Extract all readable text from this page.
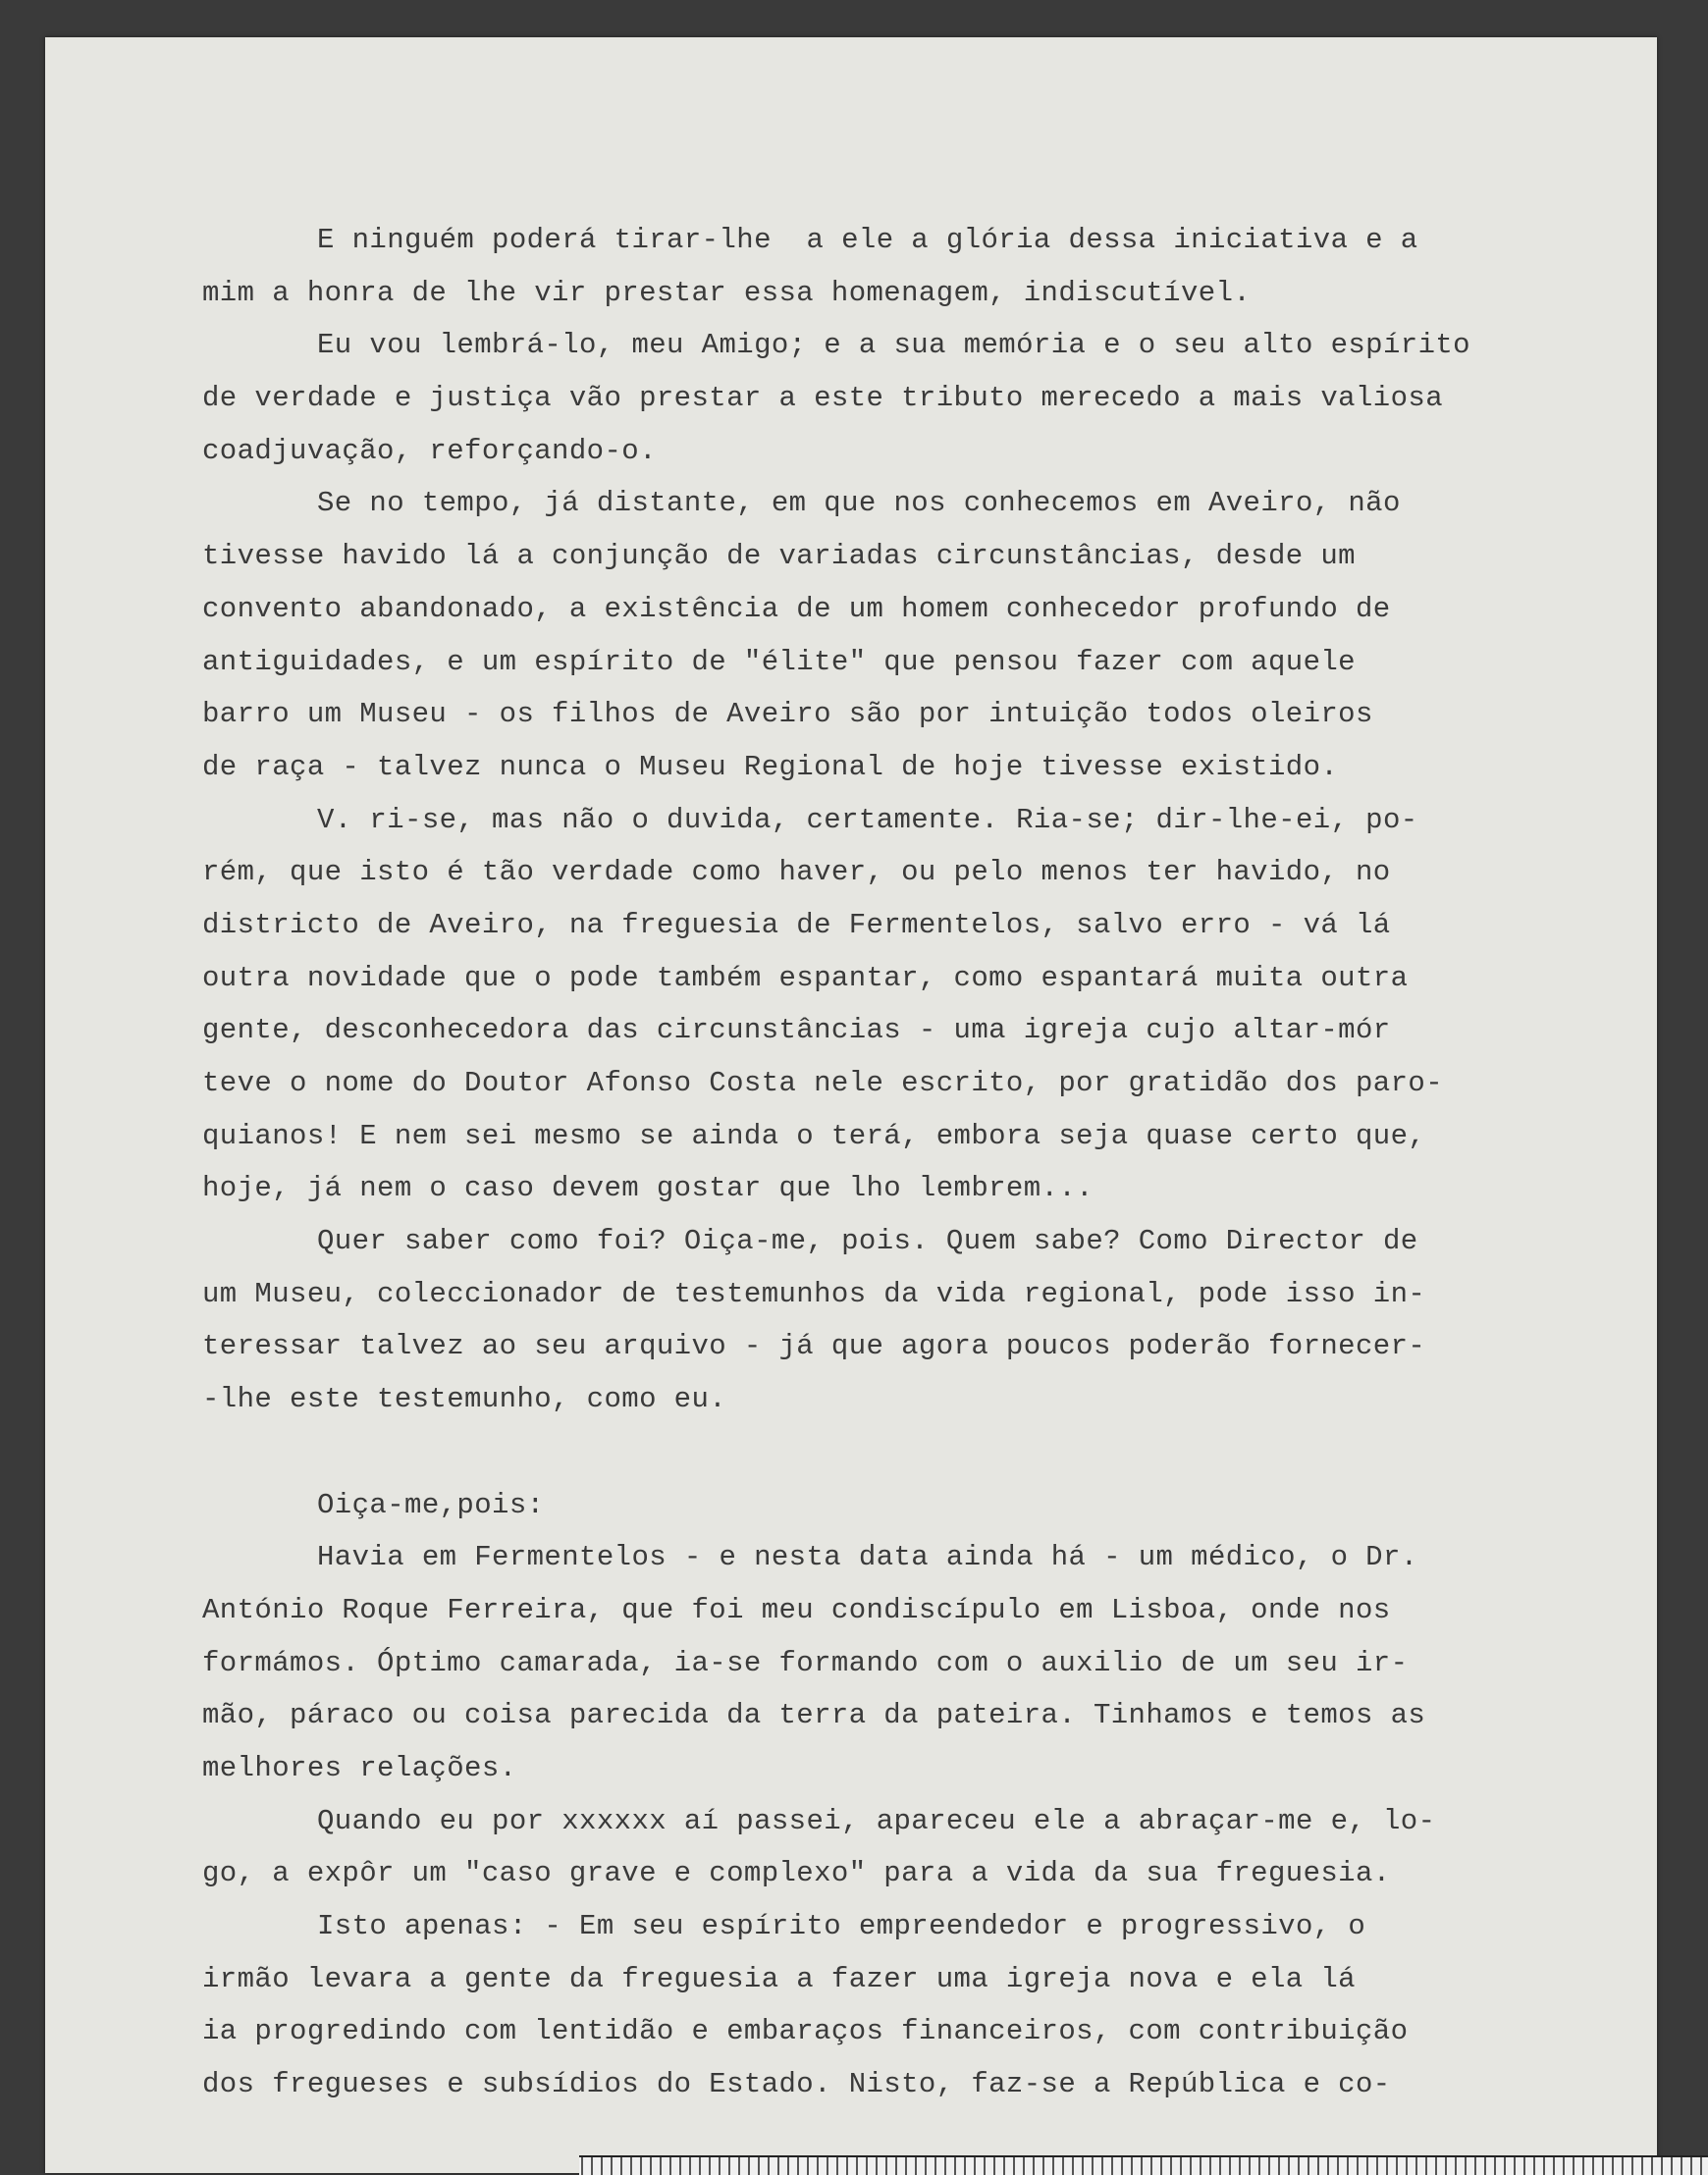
E ninguém poderá tirar-lhe  a ele a glória dessa iniciativa e a
mim a honra de lhe vir prestar essa homenagem, indiscutível.
Eu vou lembrá-lo, meu Amigo; e a sua memória e o seu alto espírito
de verdade e justiça vão prestar a este tributo merecedo a mais valiosa
coadjuvação, reforçando-o.
Se no tempo, já distante, em que nos conhecemos em Aveiro, não
tivesse havido lá a conjunção de variadas circunstâncias, desde um
convento abandonado, a existência de um homem conhecedor profundo de
antiguidades, e um espírito de "élite" que pensou fazer com aquele
barro um Museu - os filhos de Aveiro são por intuição todos oleiros
de raça - talvez nunca o Museu Regional de hoje tivesse existido.
V. ri-se, mas não o duvida, certamente. Ria-se; dir-lhe-ei, po-
rém, que isto é tão verdade como haver, ou pelo menos ter havido, no
districto de Aveiro, na freguesia de Fermentelos, salvo erro - vá lá
outra novidade que o pode também espantar, como espantará muita outra
gente, desconhecedora das circunstâncias - uma igreja cujo altar-mór
teve o nome do Doutor Afonso Costa nele escrito, por gratidão dos paro-
quianos! E nem sei mesmo se ainda o terá, embora seja quase certo que,
hoje, já nem o caso devem gostar que lho lembrem...
Quer saber como foi? Oiça-me, pois. Quem sabe? Como Director de
um Museu, coleccionador de testemunhos da vida regional, pode isso in-
teressar talvez ao seu arquivo - já que agora poucos poderão fornecer-
-lhe este testemunho, como eu.
Oiça-me,pois:
Havia em Fermentelos - e nesta data ainda há - um médico, o Dr.
António Roque Ferreira, que foi meu condiscípulo em Lisboa, onde nos
formámos. Óptimo camarada, ia-se formando com o auxilio de um seu ir-
mão, páraco ou coisa parecida da terra da pateira. Tinhamos e temos as
melhores relações.
Quando eu por xxxxxx aí passei, apareceu ele a abraçar-me e, lo-
go, a expôr um "caso grave e complexo" para a vida da sua freguesia.
Isto apenas: - Em seu espírito empreendedor e progressivo, o
irmão levara a gente da freguesia a fazer uma igreja nova e ela lá
ia progredindo com lentidão e embaraços financeiros, com contribuição
dos fregueses e subsídios do Estado. Nisto, faz-se a República e co-
